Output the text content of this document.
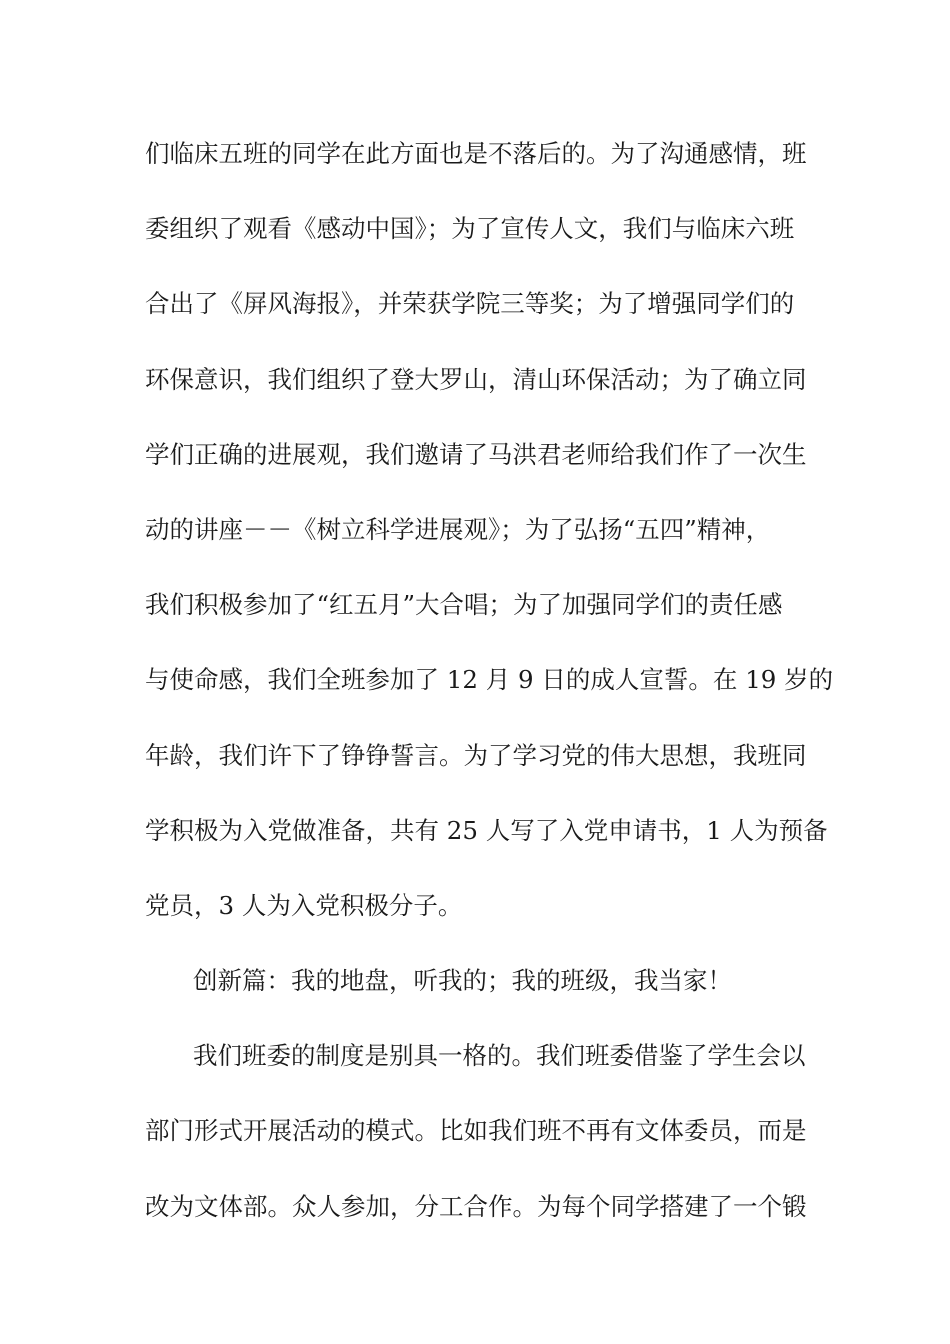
们临床五班的同学在此方面也是不落后的。为了沟通感情，班
委组织了观看《感动中国》；为了宣传人文，我们与临床六班
合出了《屏风海报》，并荣获学院三等奖；为了增强同学们的
环保意识，我们组织了登大罗山，清山环保活动；为了确立同
学们正确的进展观，我们邀请了马洪君老师给我们作了一次生
动的讲座－－《树立科学进展观》；为了弘扬“五四”精神，
我们积极参加了“红五月”大合唱；为了加强同学们的责任感
与使命感，我们全班参加了 12 月 9 日的成人宣誓。在 19 岁的
年龄，我们许下了铮铮誓言。为了学习党的伟大思想，我班同
学积极为入党做准备，共有 25 人写了入党申请书，1 人为预备
党员，3 人为入党积极分子。
创新篇：我的地盘，听我的；我的班级，我当家！
我们班委的制度是别具一格的。我们班委借鉴了学生会以
部门形式开展活动的模式。比如我们班不再有文体委员，而是
改为文体部。众人参加，分工合作。为每个同学搭建了一个锻
